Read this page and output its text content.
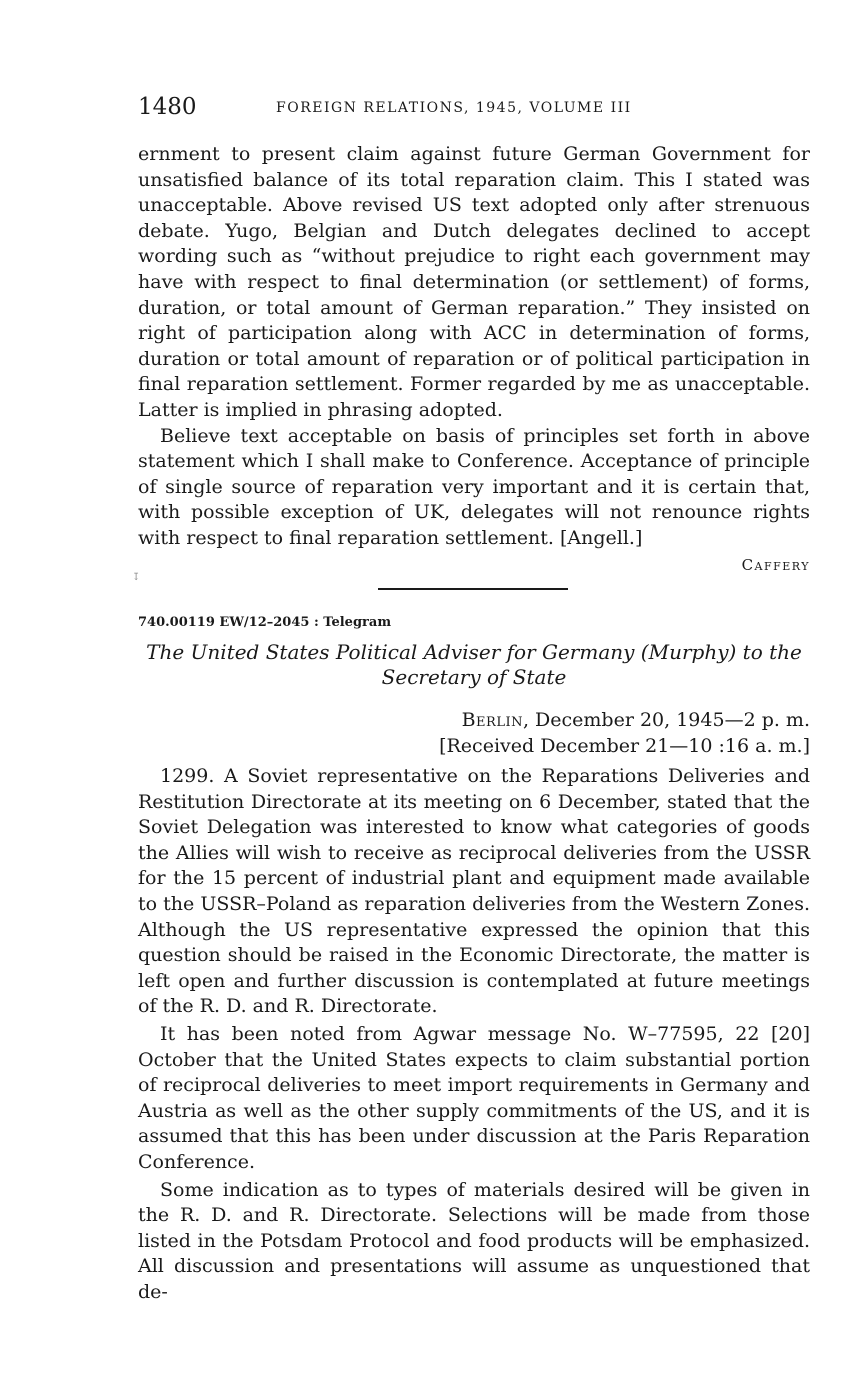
1480	FOREIGN RELATIONS, 1945, VOLUME III

ernment to present claim against future German Government for unsatisfied balance of its total reparation claim. This I stated was unacceptable. Above revised US text adopted only after strenuous debate. Yugo, Belgian and Dutch delegates declined to accept wording such as “without prejudice to right each government may have with respect to final determination (or settlement) of forms, duration, or total amount of German reparation.” They insisted on right of participation along with ACC in determination of forms, duration or total amount of reparation or of political participation in final reparation settlement. Former regarded by me as unacceptable. Latter is implied in phrasing adopted.

Believe text acceptable on basis of principles set forth in above statement which I shall make to Conference. Acceptance of principle of single source of reparation very important and it is certain that, with possible exception of UK, delegates will not renounce rights with respect to final reparation settlement. [Angell.]

Caffery
↧
740.00119 EW/12–2045 : Telegram
The United States Political Adviser for Germany (Murphy) to the
Secretary of State
Berlin, December 20, 1945—2 p. m.
[Received December 21—10 :16 a. m.]

1299. A Soviet representative on the Reparations Deliveries and Restitution Directorate at its meeting on 6 December, stated that the Soviet Delegation was interested to know what categories of goods the Allies will wish to receive as reciprocal deliveries from the USSR for the 15 percent of industrial plant and equipment made available to the USSR–Poland as reparation deliveries from the Western Zones. Although the US representative expressed the opinion that this question should be raised in the Economic Directorate, the matter is left open and further discussion is contemplated at future meetings of the R. D. and R. Directorate.

It has been noted from Agwar message No. W–77595, 22 [20] October that the United States expects to claim substantial portion of reciprocal deliveries to meet import requirements in Germany and Austria as well as the other supply commitments of the US, and it is assumed that this has been under discussion at the Paris Reparation Conference.

Some indication as to types of materials desired will be given in the R. D. and R. Directorate. Selections will be made from those listed in the Potsdam Protocol and food products will be emphasized. All discussion and presentations will assume as unquestioned that de-
